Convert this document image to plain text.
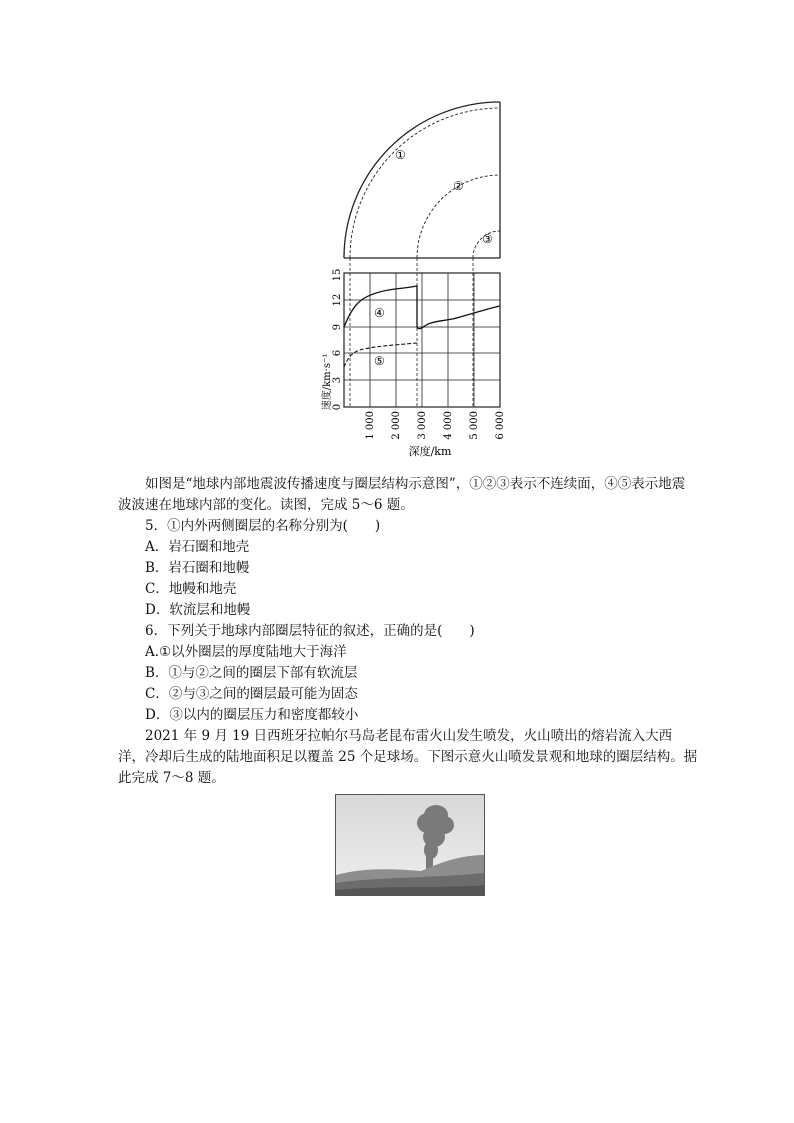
①
②
③
④
⑤
0
3
6
9
12
15
速度/km·s⁻¹
1 000 2 000 3 000 4 000 5 000 6 000
深度/km

如图是“地球内部地震波传播速度与圈层结构示意图”，①②③表示不连续面，④⑤表示地震波波速在地球内部的变化。读图，完成 5～6 题。

5．①内外两侧圈层的名称分别为(　　)

A．岩石圈和地壳

B．岩石圈和地幔

C．地幔和地壳

D．软流层和地幔

6．下列关于地球内部圈层特征的叙述，正确的是(　　)

A.①以外圈层的厚度陆地大于海洋

B．①与②之间的圈层下部有软流层

C．②与③之间的圈层最可能为固态

D．③以内的圈层压力和密度都较小

2021 年 9 月 19 日西班牙拉帕尔马岛老昆布雷火山发生喷发，火山喷出的熔岩流入大西洋，冷却后生成的陆地面积足以覆盖 25 个足球场。下图示意火山喷发景观和地球的圈层结构。据此完成 7～8 题。
